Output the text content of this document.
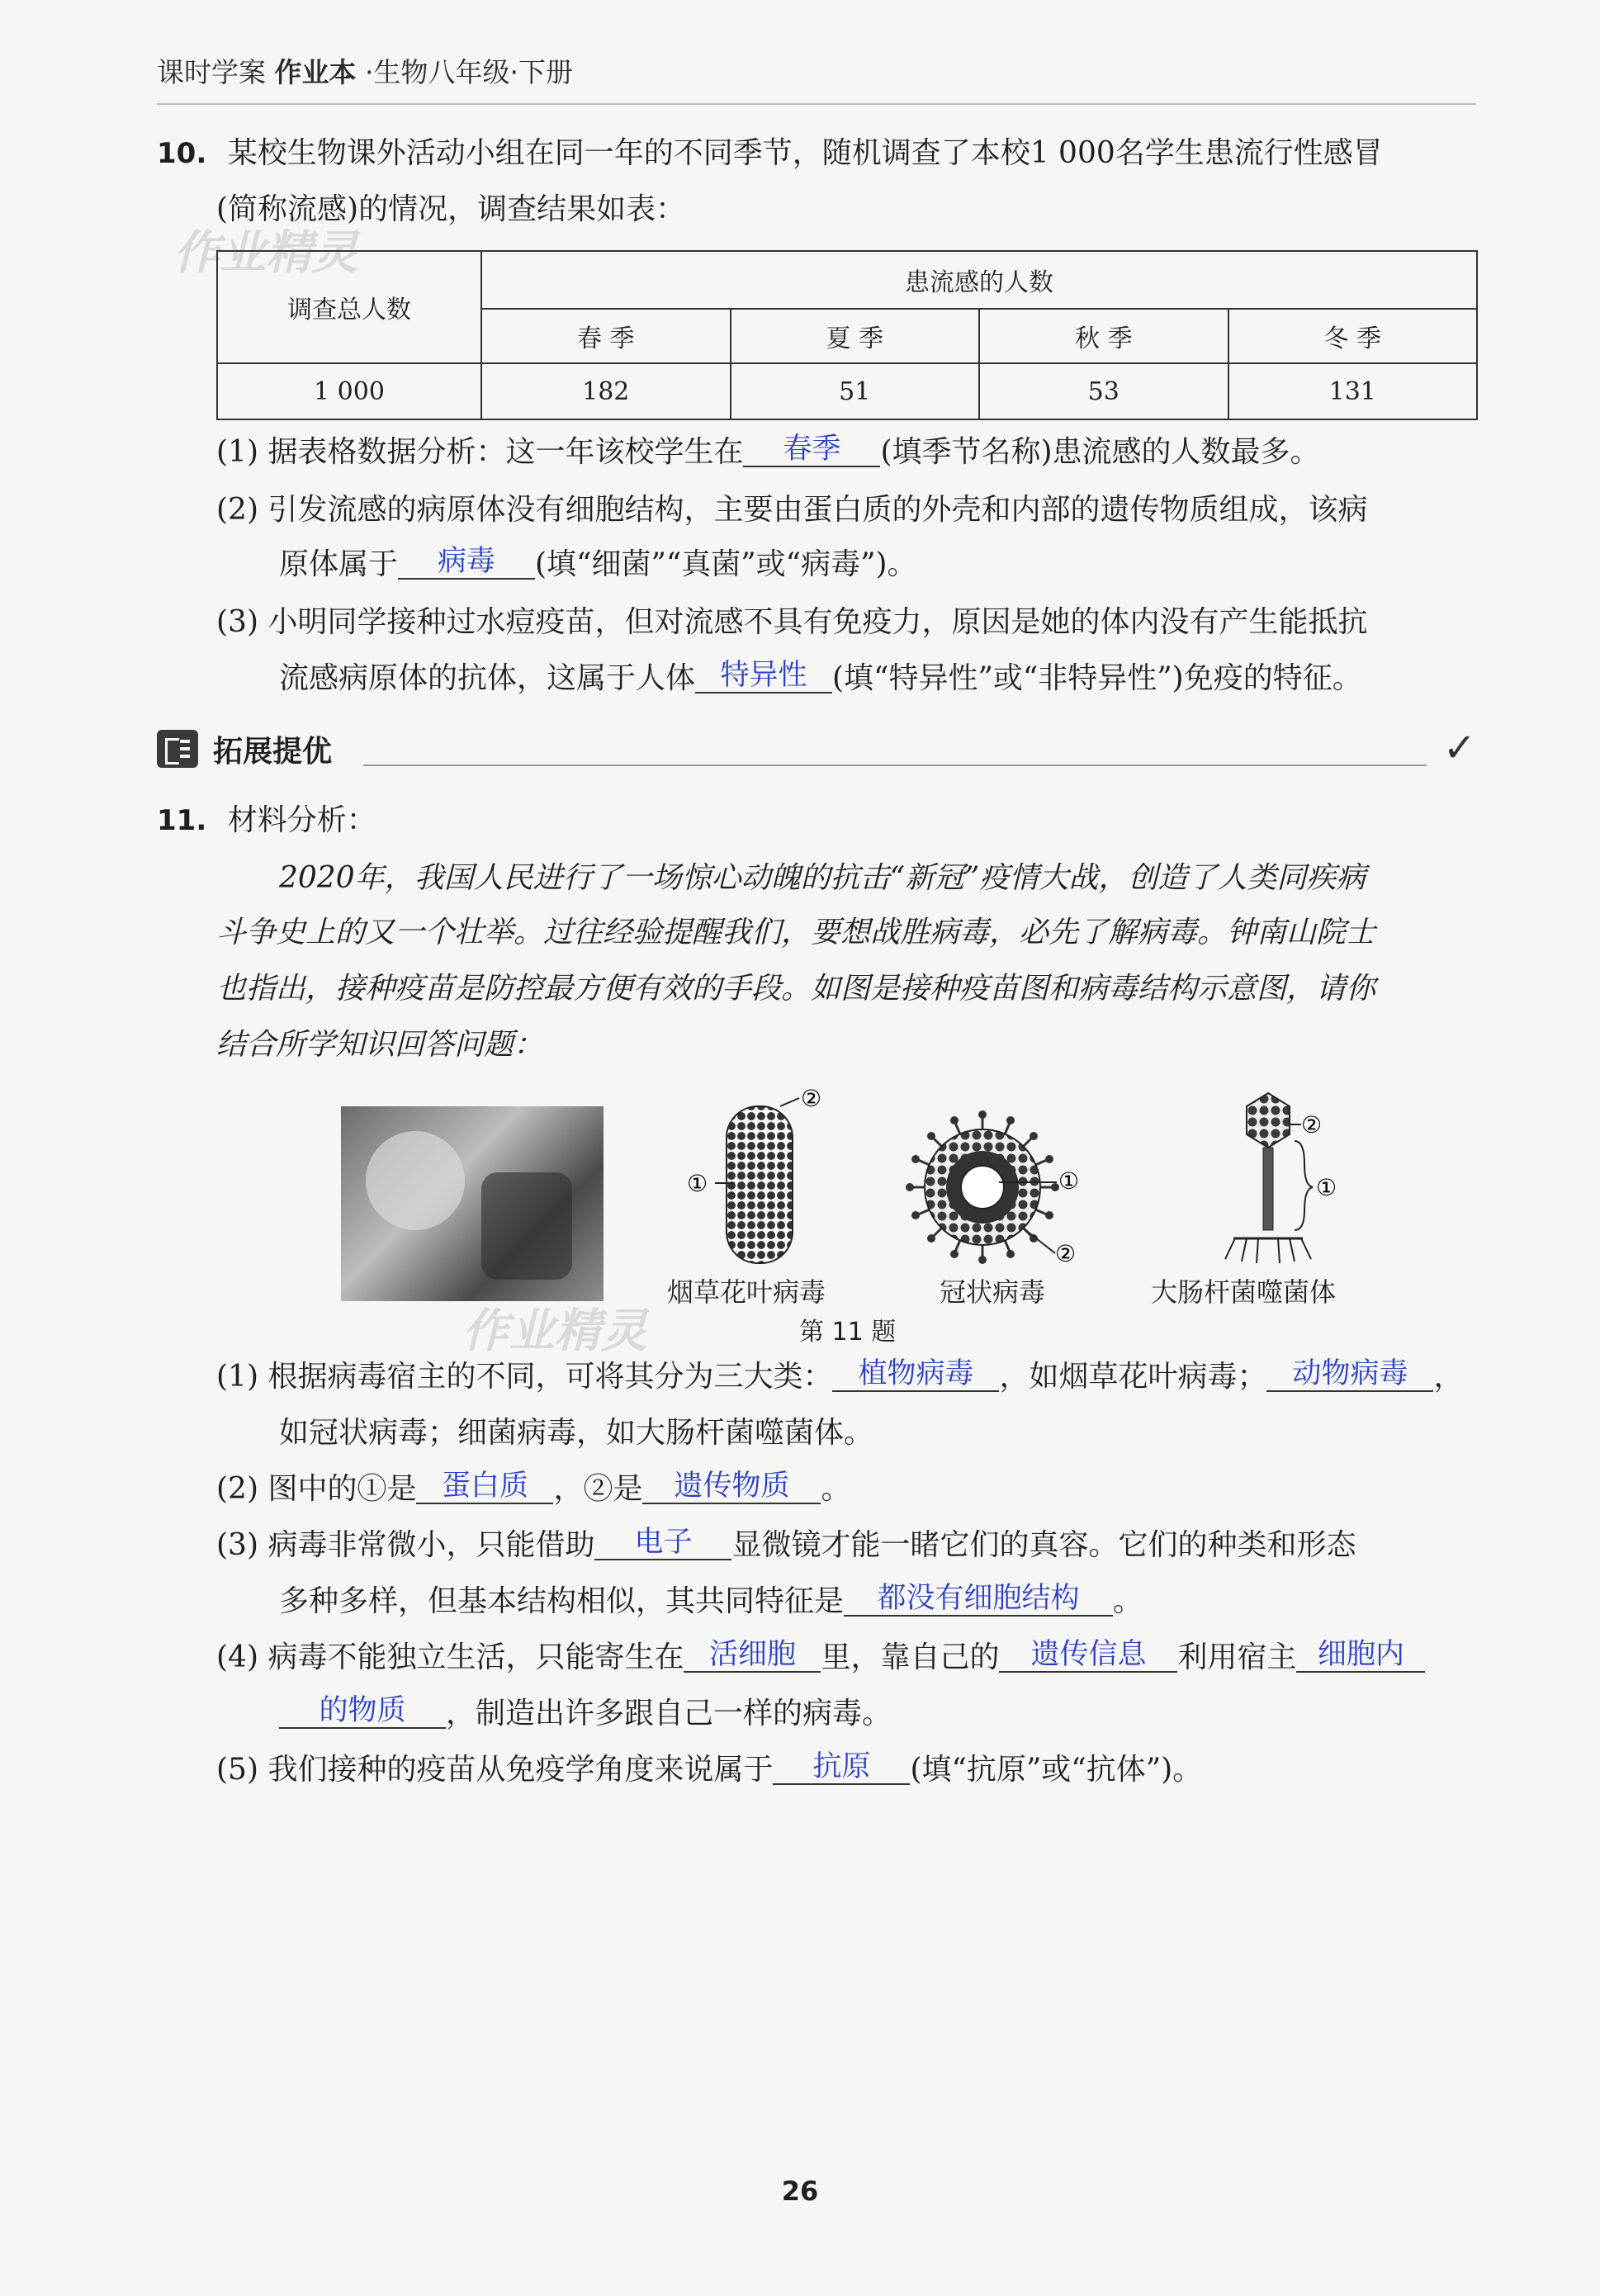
课时学案 作业本 ·生物八年级·下册
作业精灵
作业精灵
10. 某校生物课外活动小组在同一年的不同季节，随机调查了本校1 000名学生患流行性感冒
(简称流感)的情况，调查结果如表：
调查总人数	患流感的人数			
	春 季	夏 季	秋 季	冬 季
1 000	182	51	53	131
(1) 据表格数据分析：这一年该校学生在 春季 (填季节名称)患流感的人数最多。
(2) 引发流感的病原体没有细胞结构，主要由蛋白质的外壳和内部的遗传物质组成，该病
原体属于 病毒 (填“细菌”“真菌”或“病毒”)。
(3) 小明同学接种过水痘疫苗，但对流感不具有免疫力，原因是她的体内没有产生能抵抗
流感病原体的抗体，这属于人体 特异性 (填“特异性”或“非特异性”)免疫的特征。
拓展提优	✓
11. 材料分析：
2020年，我国人民进行了一场惊心动魄的抗击“新冠”疫情大战，创造了人类同疾病
斗争史上的又一个壮举。过往经验提醒我们，要想战胜病毒，必先了解病毒。钟南山院士
也指出，接种疫苗是防控最方便有效的手段。如图是接种疫苗图和病毒结构示意图，请你
结合所学知识回答问题：
②
①	①
②
②
①
烟草花叶病毒	冠状病毒	大肠杆菌噬菌体
第 11 题
(1) 根据病毒宿主的不同，可将其分为三大类： 植物病毒 ，如烟草花叶病毒； 动物病毒 ，
如冠状病毒；细菌病毒，如大肠杆菌噬菌体。
(2) 图中的①是 蛋白质 ，②是 遗传物质 。
(3) 病毒非常微小，只能借助 电子 显微镜才能一睹它们的真容。它们的种类和形态
多种多样，但基本结构相似，其共同特征是 都没有细胞结构 。
(4) 病毒不能独立生活，只能寄生在 活细胞 里，靠自己的 遗传信息 利用宿主 细胞内
的物质 ，制造出许多跟自己一样的病毒。
(5) 我们接种的疫苗从免疫学角度来说属于 抗原 (填“抗原”或“抗体”)。
26
